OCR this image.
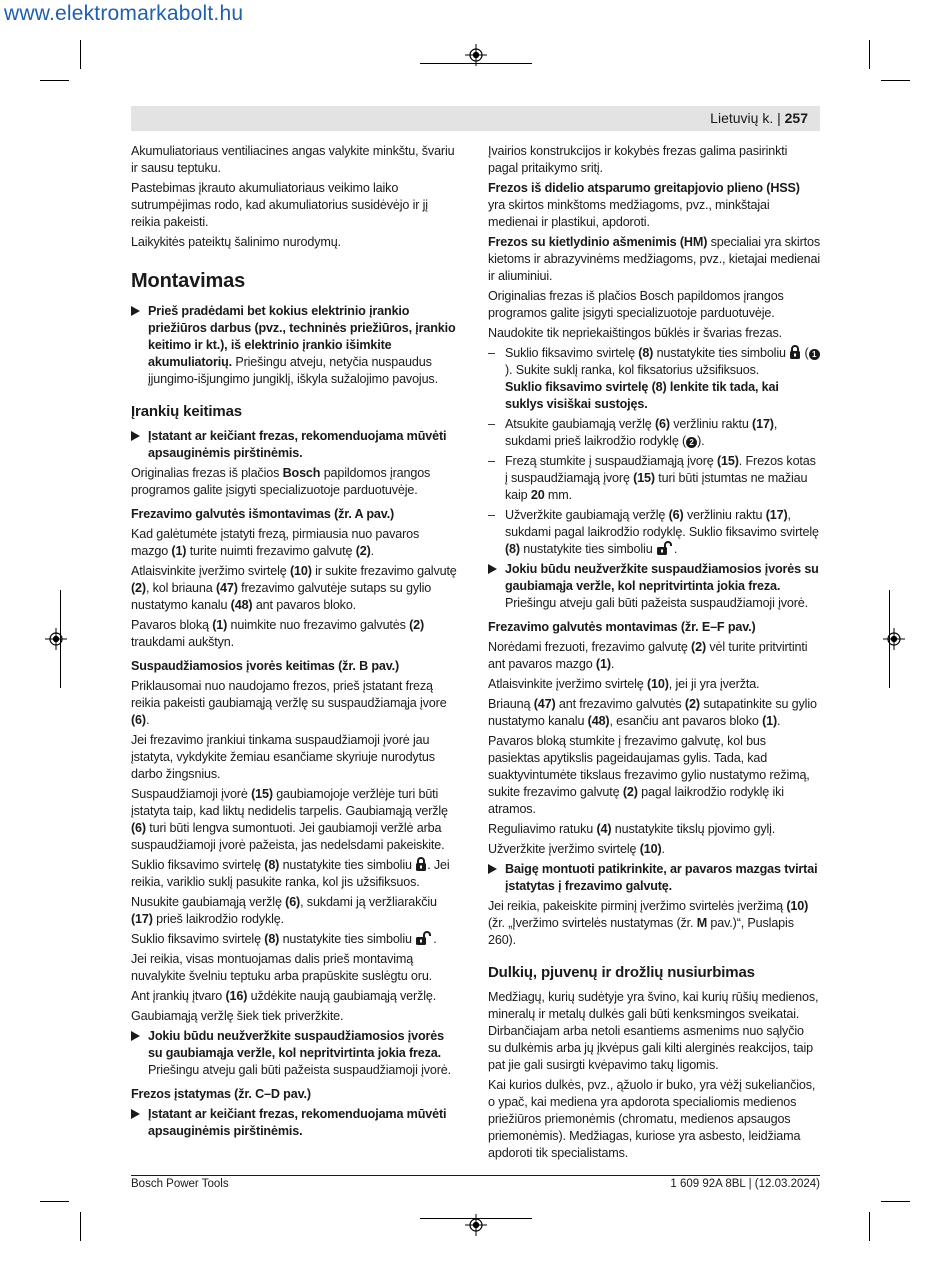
www.elektromarkabolt.hu
Lietuvių k. | 257

Akumuliatoriaus ventiliacines angas valykite minkštu, švariu ir sausu teptuku.

Pastebimas įkrauto akumuliatoriaus veikimo laiko sutrumpėjimas rodo, kad akumuliatorius susidėvėjo ir jį reikia pakeisti.

Laikykitės pateiktų šalinimo nurodymų.

Montavimas
Prieš pradėdami bet kokius elektrinio įrankio priežiūros darbus (pvz., techninės priežiūros, įrankio keitimo ir kt.), iš elektrinio įrankio išimkite akumuliatorių. Priešingu atveju, netyčia nuspaudus įjungimo-išjungimo jungiklį, iškyla sužalojimo pavojus.
Įrankių keitimas
Įstatant ar keičiant frezas, rekomenduojama mūvėti apsauginėmis pirštinėmis.

Originalias frezas iš plačios Bosch papildomos įrangos programos galite įsigyti specializuotoje parduotuvėje.

Frezavimo galvutės išmontavimas (žr. A pav.)

Kad galėtumėte įstatyti frezą, pirmiausia nuo pavaros mazgo (1) turite nuimti frezavimo galvutę (2).

Atlaisvinkite įveržimo svirtelę (10) ir sukite frezavimo galvutę (2), kol briauna (47) frezavimo galvutėje sutaps su gylio nustatymo kanalu (48) ant pavaros bloko.

Pavaros bloką (1) nuimkite nuo frezavimo galvutės (2) traukdami aukštyn.

Suspaudžiamosios įvorės keitimas (žr. B pav.)

Priklausomai nuo naudojamo frezos, prieš įstatant frezą reikia pakeisti gaubiamąją veržlę su suspaudžiamąja įvore (6).

Jei frezavimo įrankiui tinkama suspaudžiamoji įvorė jau įstatyta, vykdykite žemiau esančiame skyriuje nurodytus darbo žingsnius.

Suspaudžiamoji įvorė (15) gaubiamojoje veržlėje turi būti įstatyta taip, kad liktų nedidelis tarpelis. Gaubiamąją veržlę (6) turi būti lengva sumontuoti. Jei gaubiamoji veržlė arba suspaudžiamoji įvorė pažeista, jas nedelsdami pakeiskite.

Suklio fiksavimo svirtelę (8) nustatykite ties simboliu . Jei reikia, variklio suklį pasukite ranka, kol jis užsifiksuos.

Nusukite gaubiamąją veržlę (6), sukdami ją veržliarakčiu (17) prieš laikrodžio rodyklę.

Suklio fiksavimo svirtelę (8) nustatykite ties simboliu .

Jei reikia, visas montuojamas dalis prieš montavimą nuvalykite švelniu teptuku arba prapūskite suslėgtu oru.

Ant įrankių įtvaro (16) uždėkite naują gaubiamąją veržlę.

Gaubiamąją veržlę šiek tiek priveržkite.

Jokiu būdu neužveržkite suspaudžiamosios įvorės su gaubiamąja veržle, kol nepritvirtinta jokia freza. Priešingu atveju gali būti pažeista suspaudžiamoji įvorė.

Frezos įstatymas (žr. C–D pav.)

Įstatant ar keičiant frezas, rekomenduojama mūvėti apsauginėmis pirštinėmis.

Įvairios konstrukcijos ir kokybės frezas galima pasirinkti pagal pritaikymo sritį.

Frezos iš didelio atsparumo greitapjovio plieno (HSS) yra skirtos minkštoms medžiagoms, pvz., minkštajai medienai ir plastikui, apdoroti.

Frezos su kietlydinio ašmenimis (HM) specialiai yra skirtos kietoms ir abrazyvinėms medžiagoms, pvz., kietajai medienai ir aliuminiui.

Originalias frezas iš plačios Bosch papildomos įrangos programos galite įsigyti specializuotoje parduotuvėje.

Naudokite tik nepriekaištingos būklės ir švarias frezas.

– Suklio fiksavimo svirtelę (8) nustatykite ties simboliu  ( 1). Sukite suklį ranka, kol fiksatorius užsifiksuos.
Suklio fiksavimo svirtelę (8) lenkite tik tada, kai suklys visiškai sustojęs.
– Atsukite gaubiamąją veržlę (6) veržliniu raktu (17), sukdami prieš laikrodžio rodyklę ( 2 ).
– Frezą stumkite į suspaudžiamąją įvorę (15). Frezos kotas į suspaudžiamąją įvorę (15) turi būti įstumtas ne mažiau kaip 20 mm.
– Užveržkite gaubiamąją veržlę (6) veržliniu raktu (17), sukdami pagal laikrodžio rodyklę. Suklio fiksavimo svirtelę (8) nustatykite ties simboliu .
Jokiu būdu neužveržkite suspaudžiamosios įvorės su gaubiamąja veržle, kol nepritvirtinta jokia freza. Priešingu atveju gali būti pažeista suspaudžiamoji įvorė.

Frezavimo galvutės montavimas (žr. E–F pav.)

Norėdami frezuoti, frezavimo galvutę (2) vėl turite pritvirtinti ant pavaros mazgo (1).

Atlaisvinkite įveržimo svirtelę (10), jei ji yra įveržta.

Briauną (47) ant frezavimo galvutės (2) sutapatinkite su gylio nustatymo kanalu (48), esančiu ant pavaros bloko (1).

Pavaros bloką stumkite į frezavimo galvutę, kol bus pasiektas apytikslis pageidaujamas gylis. Tada, kad suaktyvintumėte tikslaus frezavimo gylio nustatymo režimą, sukite frezavimo galvutę (2) pagal laikrodžio rodyklę iki atramos.

Reguliavimo ratuku (4) nustatykite tikslų pjovimo gylį.

Užveržkite įveržimo svirtelę (10).

Baigę montuoti patikrinkite, ar pavaros mazgas tvirtai įstatytas į frezavimo galvutę.

Jei reikia, pakeiskite pirminį įveržimo svirtelės įveržimą (10) (žr. „Įveržimo svirtelės nustatymas (žr. M pav.)“, Puslapis 260).

Dulkių, pjuvenų ir drožlių nusiurbimas

Medžiagų, kurių sudėtyje yra švino, kai kurių rūšių medienos, mineralų ir metalų dulkės gali būti kenksmingos sveikatai. Dirbančiajam arba netoli esantiems asmenims nuo sąlyčio su dulkėmis arba jų įkvėpus gali kilti alerginės reakcijos, taip pat jie gali susirgti kvėpavimo takų ligomis.

Kai kurios dulkės, pvz., ąžuolo ir buko, yra vėžį sukeliančios, o ypač, kai mediena yra apdorota specialiomis medienos priežiūros priemonėmis (chromatu, medienos apsaugos priemonėmis). Medžiagas, kuriose yra asbesto, leidžiama apdoroti tik specialistams.

Bosch Power Tools	1 609 92A 8BL | (12.03.2024)
